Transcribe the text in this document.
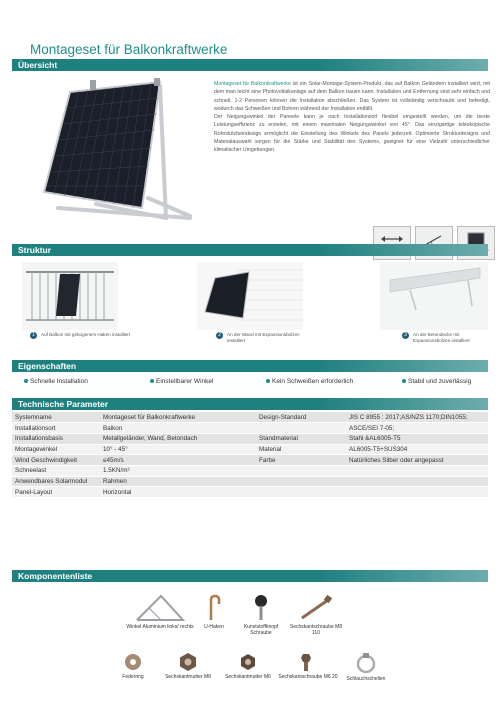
Montageset für Balkonkraftwerke
Übersicht

Montageset für Balkonkraftwerke ist ein Solar-Montage-System-Produkt, das auf Balkon Geländern installiert wird, mit dem man leicht eine Photovoltaikanlage auf dem Balkon bauen kann. Installation und Entfernung sind sehr einfach und schnell, 1-2 Personen können die Installation abschließen. Das System ist vollständig verschraubt und befestigt, wodurch das Schweißen und Bohren während der Installation entfällt.

Der Neigungswinkel der Paneele kann je nach Installationsort flexibel eingestellt werden, um die beste Leistungseffizienz zu erzielen, mit einem maximalen Neigungswinkel von 45°. Das einzigartige teleskopische Rohrstützbeindesign ermöglicht die Einstellung des Winkels des Panels jederzeit. Optimierte Strukturdesigns und Materialauswahl sorgen für die Stärke und Stabilität des Systems, geeignet für eine Vielzahl unterschiedlicher klimatischer Umgebungen.

Struktur
1	Auf Balkon mit gebogenem Haken installiert	2	An der Wand mit Expansionsbolzen installiert
3	An der Betondecke mit Expansionsbolzen installiert
Eigenschaften
Schnelle Installation	Einstellbarer Winkel	Kein Schweißen erforderlich	Stabil und zuverlässig
Technische Parameter
Systemname	Montageset für Balkonkraftwerke	Design-Standard	JIS C 8955 : 2017;AS/NZS 1170;DIN1055;
Installationsort	Balkon		ASCE/SEI 7-05;
Installationsbasis	Metallgeländer, Wand, Betondach	Standmaterial	Stahl &AL6005-T5
Montagewinkel	10° - 45°	Material	AL6005-T5+SUS304
Wind Geschwindigkeit	≤45m/s	Farbe	Natürliches Silber oder angepasst
Schneelast	1.5KN/m²		
Anwendbares Solarmodul	Rahmen		
Panel-Layout	Horizontal		
Komponentenliste
Winkel Aluminium links/ rechts	U-Haken	Kunststoffknopf Schraube
Sechskantschraube M8 110
Federring	Sechskantmutter M8	Sechskantmutter M6	Sechskantschraube M6 20	Schlauchschellen
